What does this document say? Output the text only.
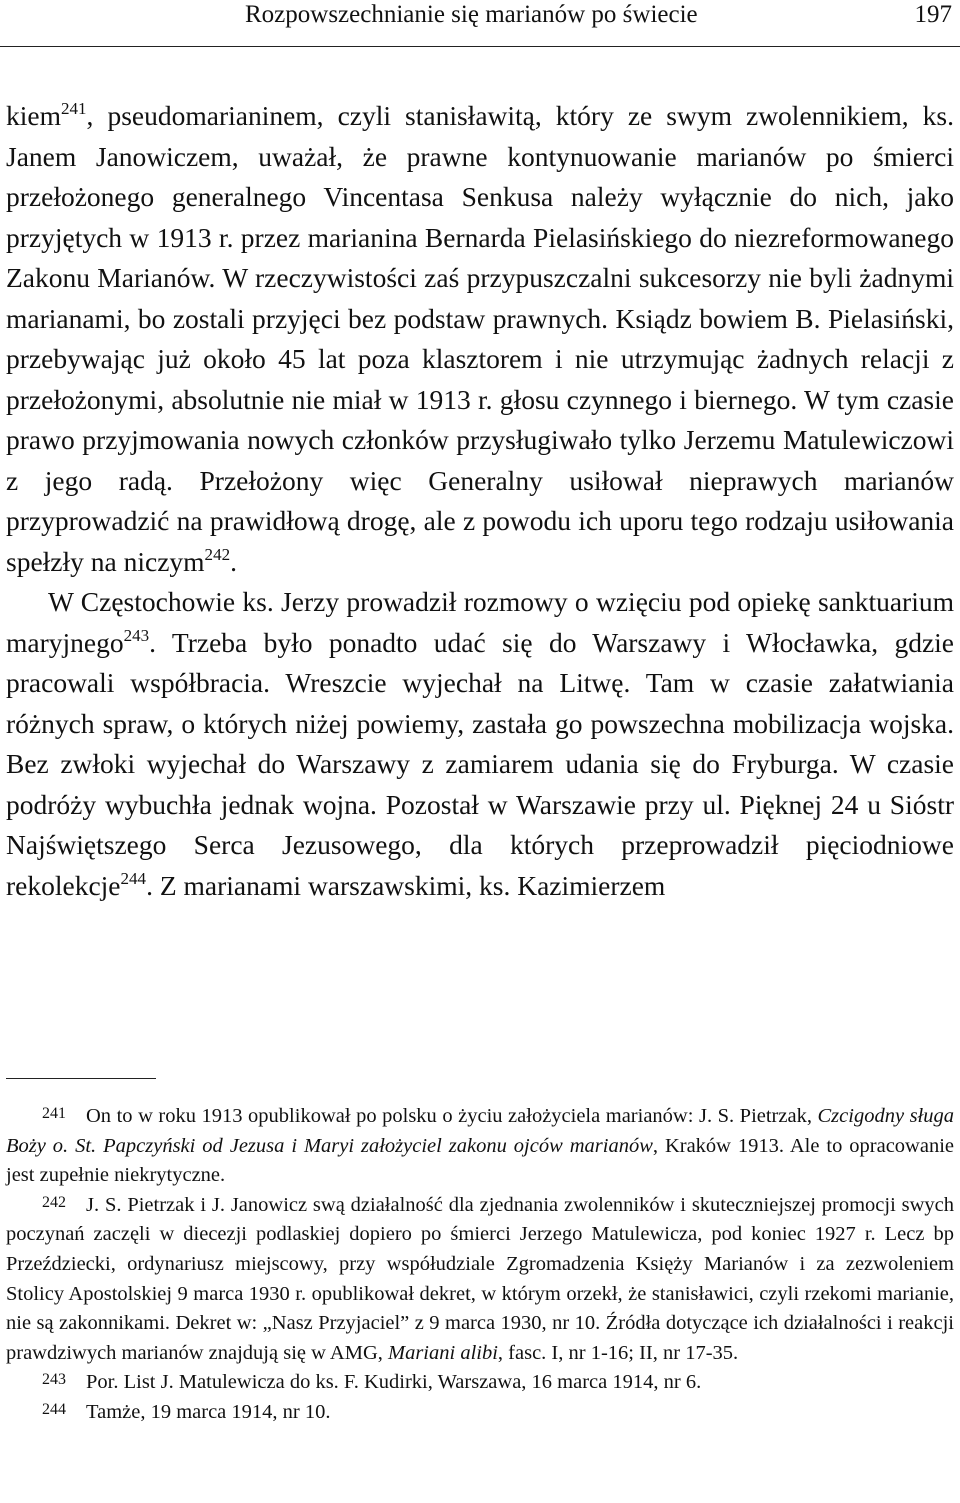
Rozpowszechnianie się marianów po świecie	197

kiem$^{241}$, pseudomarianinem, czyli stanisławitą, który ze swym zwolennikiem, ks. Janem Janowiczem, uważał, że prawne kontynuowanie marianów po śmierci przełożonego generalnego Vincentasa Senkusa należy wyłącznie do nich, jako przyjętych w 1913 r. przez marianina Bernarda Pielasińskiego do niezreformowanego Zakonu Marianów. W rzeczywistości zaś przypuszczalni sukcesorzy nie byli żadnymi marianami, bo zostali przyjęci bez podstaw prawnych. Ksiądz bowiem B. Pielasiński, przebywając już około 45 lat poza klasztorem i nie utrzymując żadnych relacji z przełożonymi, absolutnie nie miał w 1913 r. głosu czynnego i biernego. W tym czasie prawo przyjmowania nowych członków przysługiwało tylko Jerzemu Matulewiczowi z jego radą. Przełożony więc Generalny usiłował nieprawych marianów przyprowadzić na prawidłową drogę, ale z powodu ich uporu tego rodzaju usiłowania spełzły na niczym$^{242}$.

W Częstochowie ks. Jerzy prowadził rozmowy o wzięciu pod opiekę sanktuarium maryjnego$^{243}$. Trzeba było ponadto udać się do Warszawy i Włocławka, gdzie pracowali współbracia. Wreszcie wyjechał na Litwę. Tam w czasie załatwiania różnych spraw, o których niżej powiemy, zastała go powszechna mobilizacja wojska. Bez zwłoki wyjechał do Warszawy z zamiarem udania się do Fryburga. W czasie podróży wybuchła jednak wojna. Pozostał w Warszawie przy ul. Pięknej 24 u Sióstr Najświętszego Serca Jezusowego, dla których przeprowadził pięciodniowe rekolekcje$^{244}$. Z marianami warszawskimi, ks. Kazimierzem

241 On to w roku 1913 opublikował po polsku o życiu założyciela marianów: J. S. Pietrzak, Czcigodny sługa Boży o. St. Papczyński od Jezusa i Maryi założyciel zakonu ojców marianów, Kraków 1913. Ale to opracowanie jest zupełnie niekrytyczne.

242 J. S. Pietrzak i J. Janowicz swą działalność dla zjednania zwolenników i skuteczniejszej promocji swych poczynań zaczęli w diecezji podlaskiej dopiero po śmierci Jerzego Matulewicza, pod koniec 1927 r. Lecz bp Przeździecki, ordynariusz miejscowy, przy współudziale Zgromadzenia Księży Marianów i za zezwoleniem Stolicy Apostolskiej 9 marca 1930 r. opublikował dekret, w którym orzekł, że stanisławici, czyli rzekomi marianie, nie są zakonnikami. Dekret w: „Nasz Przyjaciel” z 9 marca 1930, nr 10. Źródła dotyczące ich działalności i reakcji prawdziwych marianów znajdują się w AMG, Mariani alibi, fasc. I, nr 1-16; II, nr 17-35.

243 Por. List J. Matulewicza do ks. F. Kudirki, Warszawa, 16 marca 1914, nr 6.

244 Tamże, 19 marca 1914, nr 10.
